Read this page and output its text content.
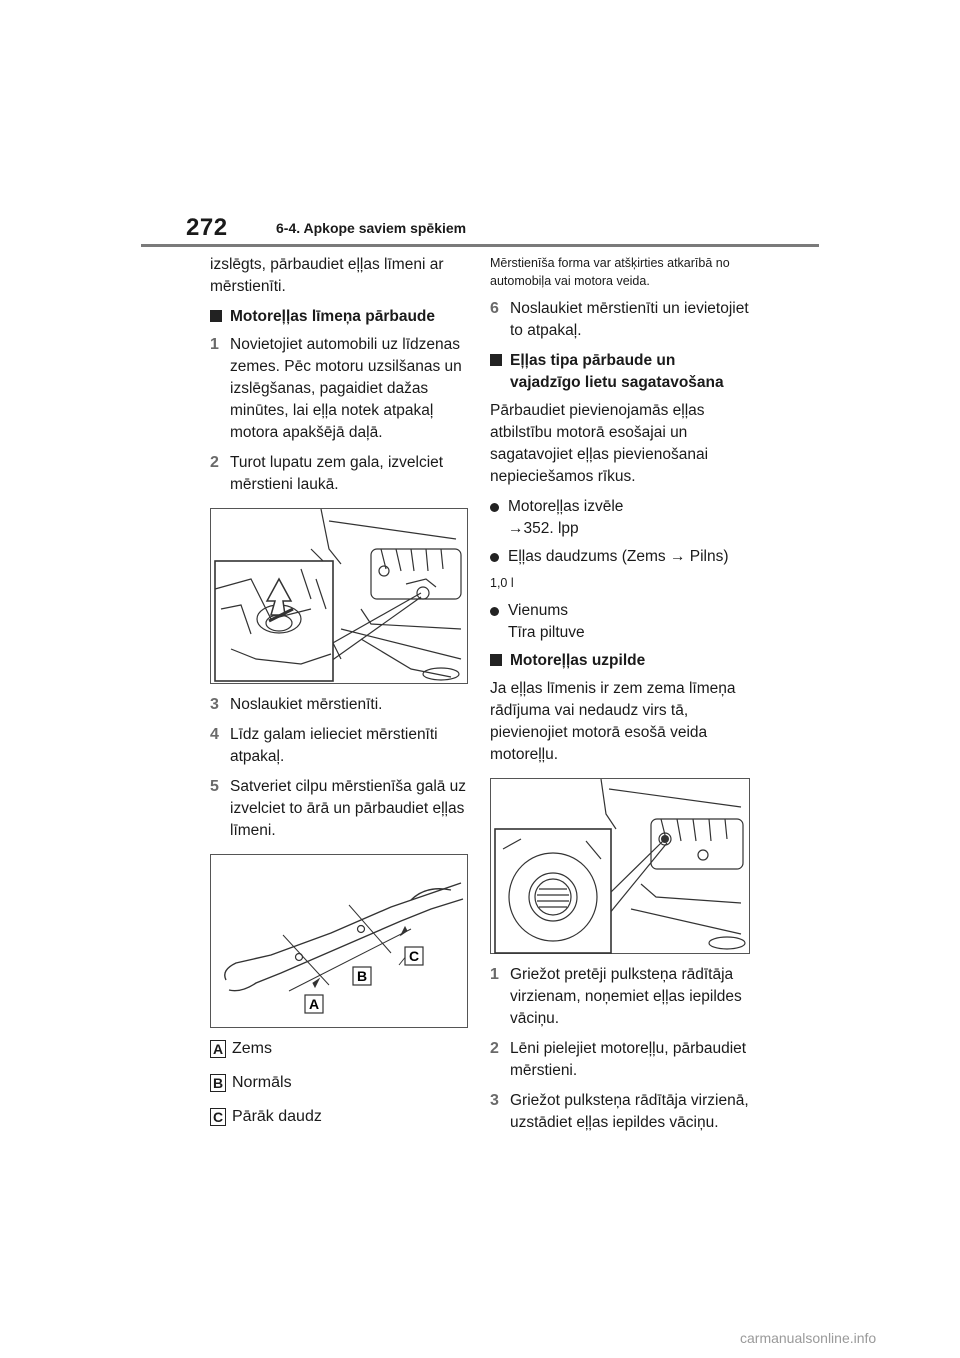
272	6-4. Apkope saviem spēkiem

izslēgts, pārbaudiet eļļas līmeni ar mērstienīti.

Motoreļļas līmeņa pārbaude
1 Novietojiet automobili uz līdzenas zemes. Pēc motoru uzsilšanas un izslēgšanas, pagaidiet dažas minūtes, lai eļļa notek atpakaļ motora apakšējā daļā.
2 Turot lupatu zem gala, izvelciet mērstieni laukā.
3 Noslaukiet mērstienīti.
4 Līdz galam ielieciet mērstienīti atpakaļ.
5 Satveriet cilpu mērstienīša galā uz izvelciet to ārā un pārbaudiet eļļas līmeni.
A
B
C
A Zems
B Normāls
C Pārāk daudz

Mērstienīša forma var atšķirties atkarībā no automobiļa vai motora veida.

6 Noslaukiet mērstienīti un ievietojiet to atpakaļ.
Eļļas tipa pārbaude un vajadzīgo lietu sagatavošana

Pārbaudiet pievienojamās eļļas atbilstību motorā esošajai un sagatavojiet eļļas pievienošanai nepieciešamos rīkus.

Motoreļļas izvēle
→352. lpp
Eļļas daudzums (Zems → Pilns)

1,0 l

Vienums
Tīra piltuve
Motoreļļas uzpilde

Ja eļļas līmenis ir zem zema līmeņa rādījuma vai nedaudz virs tā, pievienojiet motorā esošā veida motoreļļu.

1 Griežot pretēji pulksteņa rādītāja virzienam, noņemiet eļļas iepildes vāciņu.
2 Lēni pielejiet motoreļļu, pārbaudiet mērstieni.
3 Griežot pulksteņa rādītāja virzienā, uzstādiet eļļas iepildes vāciņu.
carmanualsonline.info
